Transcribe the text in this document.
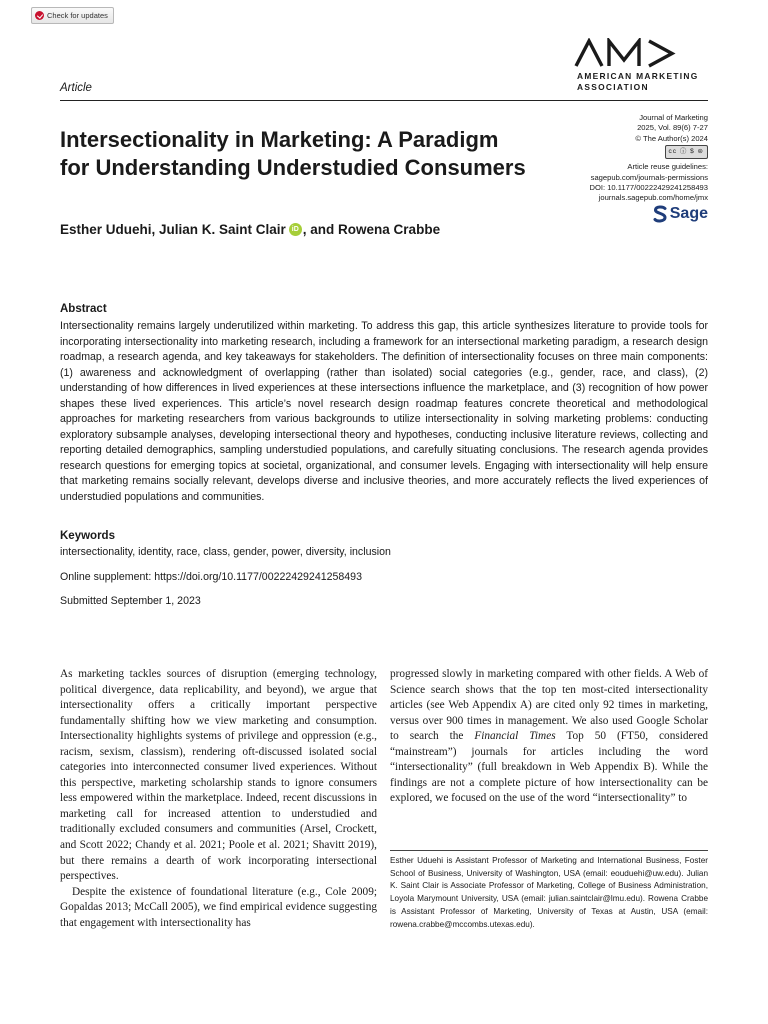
Check for updates
AMERICAN MARKETING
ASSOCIATION
Article
Intersectionality in Marketing: A Paradigm
for Understanding Understudied Consumers
Journal of Marketing
2025, Vol. 89(6) 7-27
© The Author(s) 2024
cc ⓘ $ ⊜
Article reuse guidelines:
sagepub.com/journals-permissions
DOI: 10.1177/00222429241258493
journals.sagepub.com/home/jmx
Sage
Esther Uduehi, Julian K. Saint Clair iD , and Rowena Crabbe
Abstract

Intersectionality remains largely underutilized within marketing. To address this gap, this article synthesizes literature to provide tools for incorporating intersectionality into marketing research, including a framework for an intersectional marketing paradigm, a research design roadmap, a research agenda, and key takeaways for stakeholders. The definition of intersectionality focuses on three main components: (1) awareness and acknowledgment of overlapping (rather than isolated) social categories (e.g., gender, race, and class), (2) understanding of how differences in lived experiences at these intersections influence the marketplace, and (3) recognition of how power shapes these lived experiences. This article’s novel research design roadmap features concrete theoretical and methodological approaches for marketing researchers from various backgrounds to utilize intersectionality in solving marketing problems: conducting exploratory subsample analyses, developing intersectional theory and hypotheses, conducting inclusive literature reviews, collecting and reporting detailed demographics, sampling understudied populations, and carefully situating conclusions. The research agenda provides research questions for emerging topics at societal, organizational, and consumer levels. Engaging with intersectionality will help ensure that marketing remains socially relevant, develops diverse and inclusive theories, and more accurately reflects the lived experiences of understudied populations and communities.

Keywords
intersectionality, identity, race, class, gender, power, diversity, inclusion
Online supplement: https://doi.org/10.1177/00222429241258493
Submitted September 1, 2023

As marketing tackles sources of disruption (emerging technology, political divergence, data replicability, and beyond), we argue that intersectionality offers a critically important perspective fundamentally shifting how we view marketing and consumption. Intersectionality highlights systems of privilege and oppression (e.g., racism, sexism, classism), rendering oft-discussed isolated social categories into interconnected consumer lived experiences. Without this perspective, marketing scholarship stands to ignore consumers less empowered within the marketplace. Indeed, recent discussions in marketing call for increased attention to understudied and traditionally excluded consumers and communities (Arsel, Crockett, and Scott 2022; Chandy et al. 2021; Poole et al. 2021; Shavitt 2019), but there remains a dearth of work incorporating intersectional perspectives.

Despite the existence of foundational literature (e.g., Cole 2009; Gopaldas 2013; McCall 2005), we find empirical evidence suggesting that engagement with intersectionality has

progressed slowly in marketing compared with other fields. A Web of Science search shows that the top ten most-cited intersectionality articles (see Web Appendix A) are cited only 92 times in marketing, versus over 900 times in management. We also used Google Scholar to search the Financial Times Top 50 (FT50, considered “mainstream”) journals for articles including the word “intersectionality” (full breakdown in Web Appendix B). While the findings are not a complete picture of how intersectionality can be explored, we focused on the use of the word “intersectionality” to

Esther Uduehi is Assistant Professor of Marketing and International Business, Foster School of Business, University of Washington, USA (email: eouduehi@uw.edu). Julian K. Saint Clair is Associate Professor of Marketing, College of Business Administration, Loyola Marymount University, USA (email: julian.saintclair@lmu.edu). Rowena Crabbe is Assistant Professor of Marketing, University of Texas at Austin, USA (email: rowena.crabbe@mccombs.utexas.edu).
